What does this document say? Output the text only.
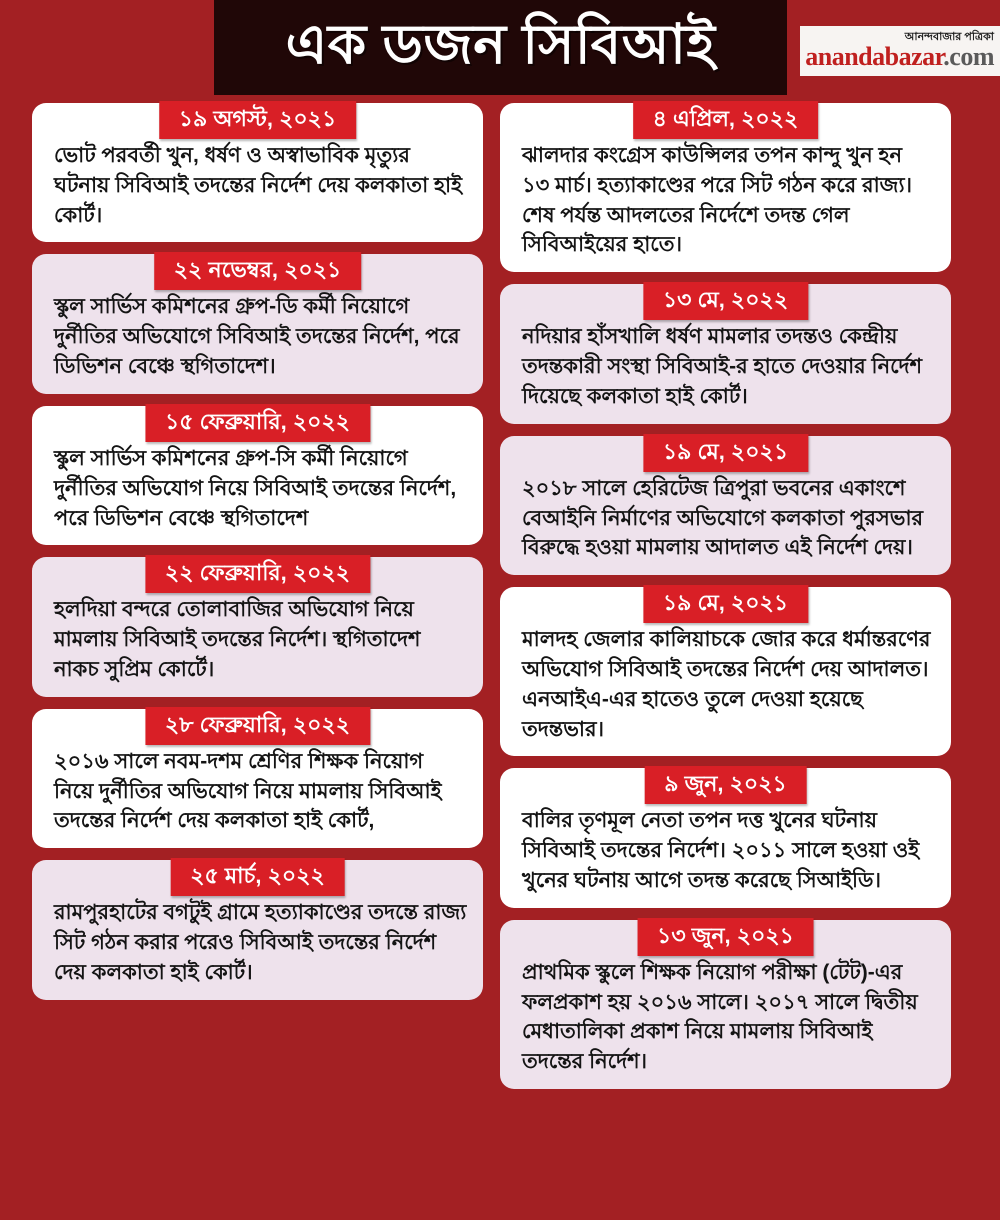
এক ডজন সিবিআই	আনন্দবাজার পত্রিকা
anandabazar.com
১৯ অগস্ট, ২০২১
ভোট পরবর্তী খুন, ধর্ষণ ও অস্বাভাবিক মৃত্যুর ঘটনায় সিবিআই তদন্তের নির্দেশ দেয় কলকাতা হাই কোর্ট।
২২ নভেম্বর, ২০২১
স্কুল সার্ভিস কমিশনের গ্রুপ-ডি কর্মী নিয়োগে দুর্নীতির অভিযোগে সিবিআই তদন্তের নির্দেশ, পরে ডিভিশন বেঞ্চে স্থগিতাদেশ।
১৫ ফেব্রুয়ারি, ২০২২
স্কুল সার্ভিস কমিশনের গ্রুপ-সি কর্মী নিয়োগে দুর্নীতির অভিযোগ নিয়ে সিবিআই তদন্তের নির্দেশ, পরে ডিভিশন বেঞ্চে স্থগিতাদেশ
২২ ফেব্রুয়ারি, ২০২২
হলদিয়া বন্দরে তোলাবাজির অভিযোগ নিয়ে মামলায় সিবিআই তদন্তের নির্দেশ। স্থগিতাদেশ নাকচ সুপ্রিম কোর্টে।
২৮ ফেব্রুয়ারি, ২০২২
২০১৬ সালে নবম-দশম শ্রেণির শিক্ষক নিয়োগ নিয়ে দুর্নীতির অভিযোগ নিয়ে মামলায় সিবিআই তদন্তের নির্দেশ দেয় কলকাতা হাই কোর্ট,
২৫ মার্চ, ২০২২
রামপুরহাটের বগটুই গ্রামে হত্যাকাণ্ডের তদন্তে রাজ্য সিট গঠন করার পরেও সিবিআই তদন্তের নির্দেশ দেয় কলকাতা হাই কোর্ট।
৪ এপ্রিল, ২০২২
ঝালদার কংগ্রেস কাউন্সিলর তপন কান্দু খুন হন ১৩ মার্চ। হত্যাকাণ্ডের পরে সিট গঠন করে রাজ্য। শেষ পর্যন্ত আদলতের নির্দেশে তদন্ত গেল সিবিআইয়ের হাতে।
১৩ মে, ২০২২
নদিয়ার হাঁসখালি ধর্ষণ মামলার তদন্তও কেন্দ্রীয় তদন্তকারী সংস্থা সিবিআই-র হাতে দেওয়ার নির্দেশ দিয়েছে কলকাতা হাই কোর্ট।
১৯ মে, ২০২১
২০১৮ সালে হেরিটেজ ত্রিপুরা ভবনের একাংশে বেআইনি নির্মাণের অভিযোগে কলকাতা পুরসভার বিরুদ্ধে হওয়া মামলায় আদালত এই নির্দেশ দেয়।
১৯ মে, ২০২১
মালদহ জেলার কালিয়াচকে জোর করে ধর্মান্তরণের অভিযোগ সিবিআই তদন্তের নির্দেশ দেয় আদালত। এনআইএ-এর হাতেও তুলে দেওয়া হয়েছে তদন্তভার।
৯ জুন, ২০২১
বালির তৃণমূল নেতা তপন দত্ত খুনের ঘটনায় সিবিআই তদন্তের নির্দেশ। ২০১১ সালে হওয়া ওই খুনের ঘটনায় আগে তদন্ত করেছে সিআইডি।
১৩ জুন, ২০২১
প্রাথমিক স্কুলে শিক্ষক নিয়োগ পরীক্ষা (টেট)-এর ফলপ্রকাশ হয় ২০১৬ সালে। ২০১৭ সালে দ্বিতীয় মেধাতালিকা প্রকাশ নিয়ে মামলায় সিবিআই তদন্তের নির্দেশ।
